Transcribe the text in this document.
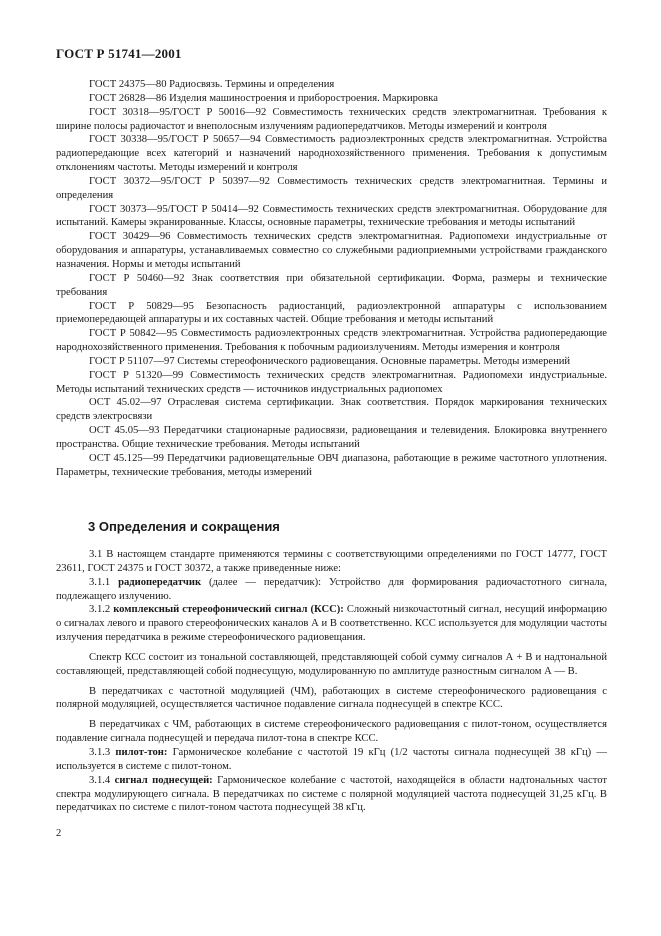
ГОСТ Р 51741—2001

ГОСТ 24375—80 Радиосвязь. Термины и определения

ГОСТ 26828—86 Изделия машиностроения и приборостроения. Маркировка

ГОСТ 30318—95/ГОСТ Р 50016—92 Совместимость технических средств электромагнитная. Требования к ширине полосы радиочастот и внеполосным излучениям радиопередатчиков. Методы измерений и контроля

ГОСТ 30338—95/ГОСТ Р 50657—94 Совместимость радиоэлектронных средств электромагнитная. Устройства радиопередающие всех категорий и назначений народнохозяйственного применения. Требования к допустимым отклонениям частоты. Методы измерений и контроля

ГОСТ 30372—95/ГОСТ Р 50397—92 Совместимость технических средств электромагнитная. Термины и определения

ГОСТ 30373—95/ГОСТ Р 50414—92 Совместимость технических средств электромагнитная. Оборудование для испытаний. Камеры экранированные. Классы, основные параметры, технические требования и методы испытаний

ГОСТ 30429—96 Совместимость технических средств электромагнитная. Радиопомехи индустриальные от оборудования и аппаратуры, устанавливаемых совместно со служебными радиоприемными устройствами гражданского назначения. Нормы и методы испытаний

ГОСТ Р 50460—92 Знак соответствия при обязательной сертификации. Форма, размеры и технические требования

ГОСТ Р 50829—95 Безопасность радиостанций, радиоэлектронной аппаратуры с использованием приемопередающей аппаратуры и их составных частей. Общие требования и методы испытаний

ГОСТ Р 50842—95 Совместимость радиоэлектронных средств электромагнитная. Устройства радиопередающие народнохозяйственного применения. Требования к побочным радиоизлучениям. Методы измерения и контроля

ГОСТ Р 51107—97 Системы стереофонического радиовещания. Основные параметры. Методы измерений

ГОСТ Р 51320—99 Совместимость технических средств электромагнитная. Радиопомехи индустриальные. Методы испытаний технических средств — источников индустриальных радиопомех

ОСТ 45.02—97 Отраслевая система сертификации. Знак соответствия. Порядок маркирования технических средств электросвязи

ОСТ 45.05—93 Передатчики стационарные радиосвязи, радиовещания и телевидения. Блокировка внутреннего пространства. Общие технические требования. Методы испытаний

ОСТ 45.125—99 Передатчики радиовещательные ОВЧ диапазона, работающие в режиме частотного уплотнения. Параметры, технические требования, методы измерений

3 Определения и сокращения

3.1 В настоящем стандарте применяются термины с соответствующими определениями по ГОСТ 14777, ГОСТ 23611, ГОСТ 24375 и ГОСТ 30372, а также приведенные ниже:

3.1.1 радиопередатчик (далее — передатчик): Устройство для формирования радиочастотного сигнала, подлежащего излучению.

3.1.2 комплексный стереофонический сигнал (КСС): Сложный низкочастотный сигнал, несущий информацию о сигналах левого и правого стереофонических каналов А и В соответственно. КСС используется для модуляции частоты излучения передатчика в режиме стереофонического радиовещания.

Спектр КСС состоит из тональной составляющей, представляющей собой сумму сигналов А + В и надтональной составляющей, представляющей собой поднесущую, модулированную по амплитуде разностным сигналом А — В.

В передатчиках с частотной модуляцией (ЧМ), работающих в системе стереофонического радиовещания с полярной модуляцией, осуществляется частичное подавление сигнала поднесущей в спектре КСС.

В передатчиках с ЧМ, работающих в системе стереофонического радиовещания с пилот-тоном, осуществляется подавление сигнала поднесущей и передача пилот-тона в спектре КСС.

3.1.3 пилот-тон: Гармоническое колебание с частотой 19 кГц (1/2 частоты сигнала поднесущей 38 кГц) — используется в системе с пилот-тоном.

3.1.4 сигнал поднесущей: Гармоническое колебание с частотой, находящейся в области надтональных частот спектра модулирующего сигнала. В передатчиках по системе с полярной модуляцией частота поднесущей 31,25 кГц. В передатчиках по системе с пилот-тоном частота поднесущей 38 кГц.

2
